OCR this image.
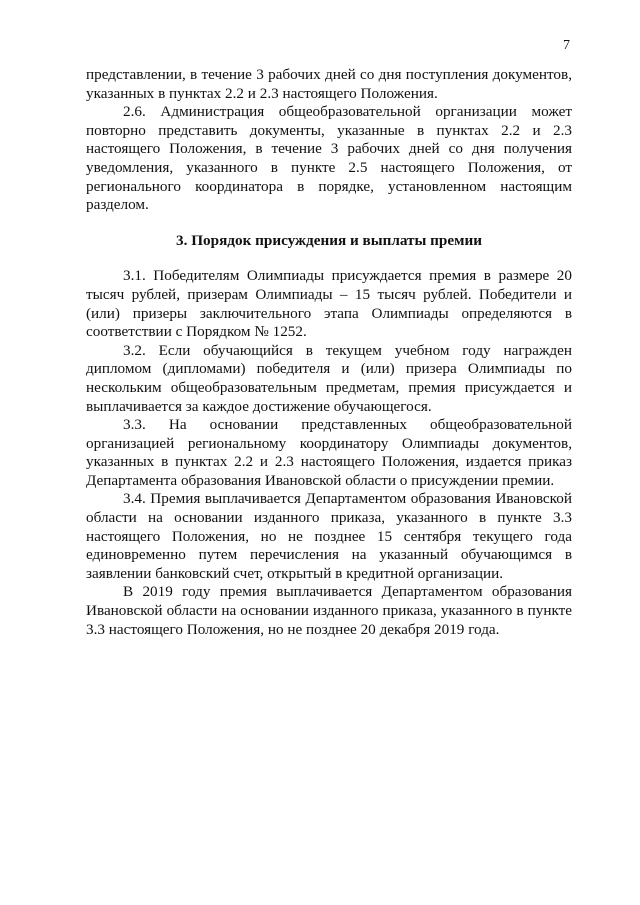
7

представлении, в течение 3 рабочих дней со дня поступления документов, указанных в пунктах 2.2 и 2.3 настоящего Положения.

2.6. Администрация общеобразовательной организации может повторно представить документы, указанные в пунктах 2.2 и 2.3 настоящего Положения, в течение 3 рабочих дней со дня получения уведомления, указанного в пункте 2.5 настоящего Положения, от регионального координатора в порядке, установленном настоящим разделом.

3. Порядок присуждения и выплаты премии

3.1. Победителям Олимпиады присуждается премия в размере 20 тысяч рублей, призерам Олимпиады – 15 тысяч рублей. Победители и (или) призеры заключительного этапа Олимпиады определяются в соответствии с Порядком № 1252.

3.2. Если обучающийся в текущем учебном году награжден дипломом (дипломами) победителя и (или) призера Олимпиады по нескольким общеобразовательным предметам, премия присуждается и выплачивается за каждое достижение обучающегося.

3.3. На основании представленных общеобразовательной организацией региональному координатору Олимпиады документов, указанных в пунктах 2.2 и 2.3 настоящего Положения, издается приказ Департамента образования Ивановской области о присуждении премии.

3.4. Премия выплачивается Департаментом образования Ивановской области на основании изданного приказа, указанного в пункте 3.3 настоящего Положения, но не позднее 15 сентября текущего года единовременно путем перечисления на указанный обучающимся в заявлении банковский счет, открытый в кредитной организации.

В 2019 году премия выплачивается Департаментом образования Ивановской области на основании изданного приказа, указанного в пункте 3.3 настоящего Положения, но не позднее 20 декабря 2019 года.
